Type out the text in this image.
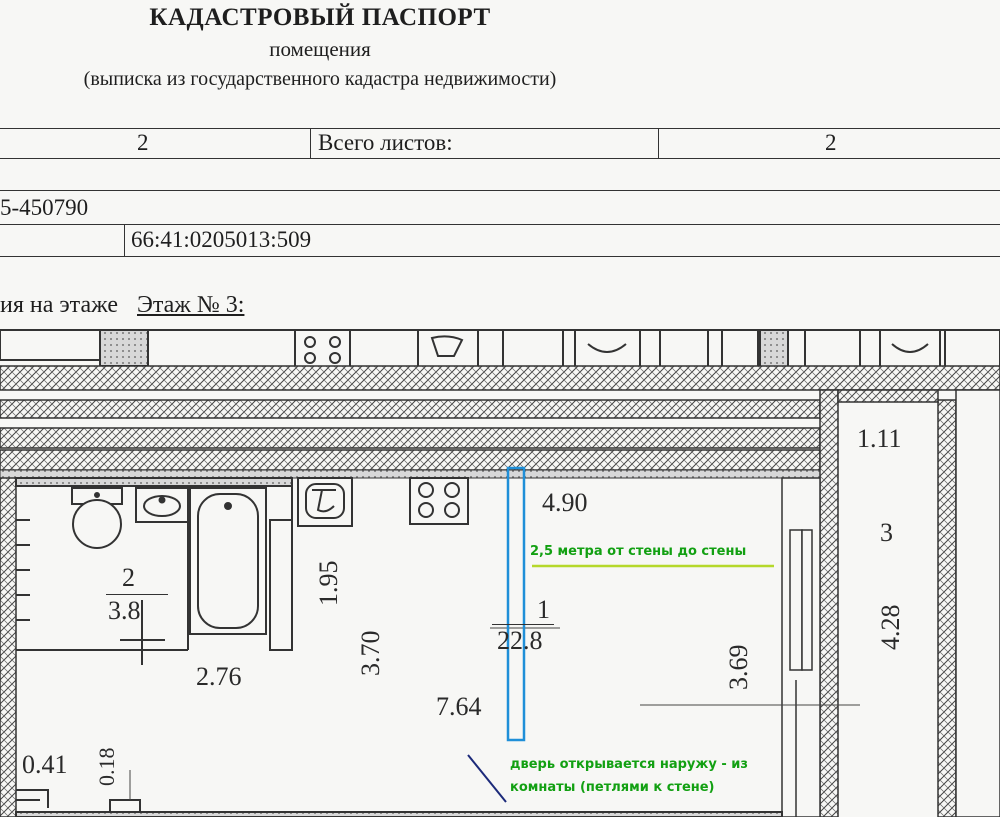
КАДАСТРОВЫЙ ПАСПОРТ
помещения
(выписка из государственного кадастра недвижимости)
2	Всего листов:	2
5-450790
66:41:0205013:509
ия на этаже Этаж № 3:
2
3.8	1
22.8
1.11
3
4.28
4.90
1.95
3.70
2.76
7.64
3.69
0.41 0.18
2,5 метра от стены до стены
дверь открывается наружу - из
комнаты (петлями к стене)
